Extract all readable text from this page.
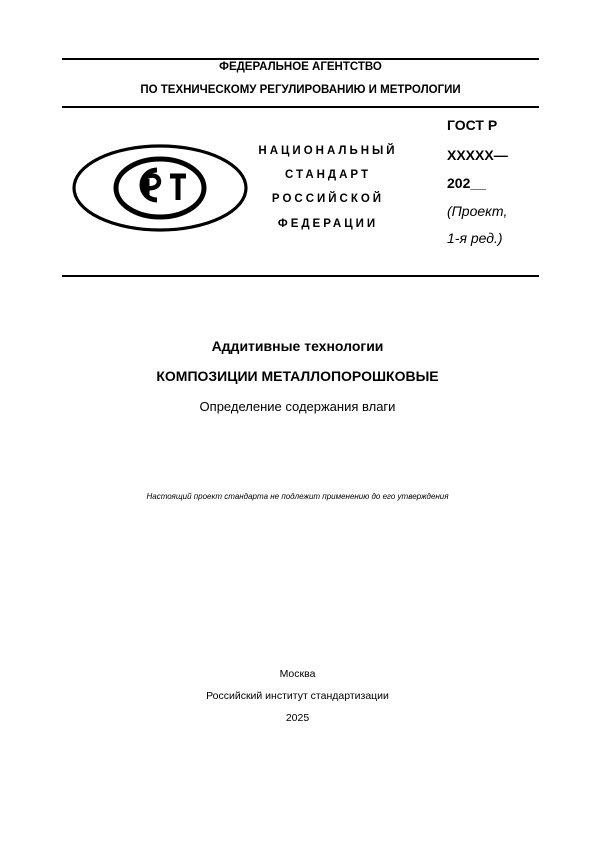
ФЕДЕРАЛЬНОЕ АГЕНТСТВО
ПО ТЕХНИЧЕСКОМУ РЕГУЛИРОВАНИЮ И МЕТРОЛОГИИ
НАЦИОНАЛЬНЫЙ
СТАНДАРТ
РОССИЙСКОЙ
ФЕДЕРАЦИИ
ГОСТ Р
XXXXX—
202__
(Проект,
1-я ред.)
Аддитивные технологии
КОМПОЗИЦИИ МЕТАЛЛОПОРОШКОВЫЕ
Определение содержания влаги
Настоящий проект стандарта не подлежит применению до его утверждения
Москва
Российский институт стандартизации
2025
